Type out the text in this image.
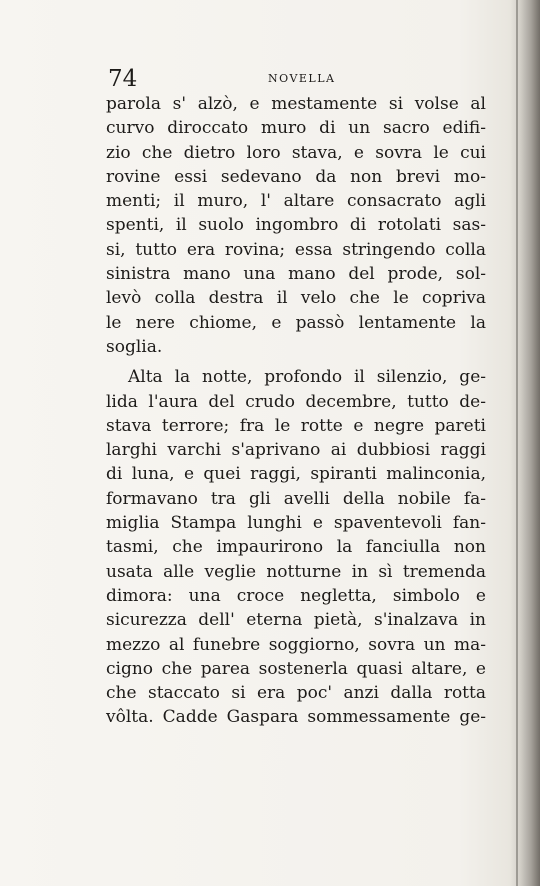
74	NOVELLA

parola s' alzò, e mestamente si volse al
curvo diroccato muro di un sacro edifi-
zio che dietro loro stava, e sovra le cui
rovine essi sedevano da non brevi mo-
menti; il muro, l' altare consacrato agli
spenti, il suolo ingombro di rotolati sas-
si, tutto era rovina; essa stringendo colla
sinistra mano una mano del prode, sol-
levò colla destra il velo che le copriva
le nere chiome, e passò lentamente la
soglia.

Alta la notte, profondo il silenzio, ge-
lida l'aura del crudo decembre, tutto de-
stava terrore; fra le rotte e negre pareti
larghi varchi s'aprivano ai dubbiosi raggi
di luna, e quei raggi, spiranti malinconia,
formavano tra gli avelli della nobile fa-
miglia Stampa lunghi e spaventevoli fan-
tasmi, che impaurirono la fanciulla non
usata alle veglie notturne in sì tremenda
dimora: una croce negletta, simbolo e
sicurezza dell' eterna pietà, s'inalzava in
mezzo al funebre soggiorno, sovra un ma-
cigno che parea sostenerla quasi altare, e
che staccato si era poc' anzi dalla rotta
vôlta. Cadde Gaspara sommessamente ge-
